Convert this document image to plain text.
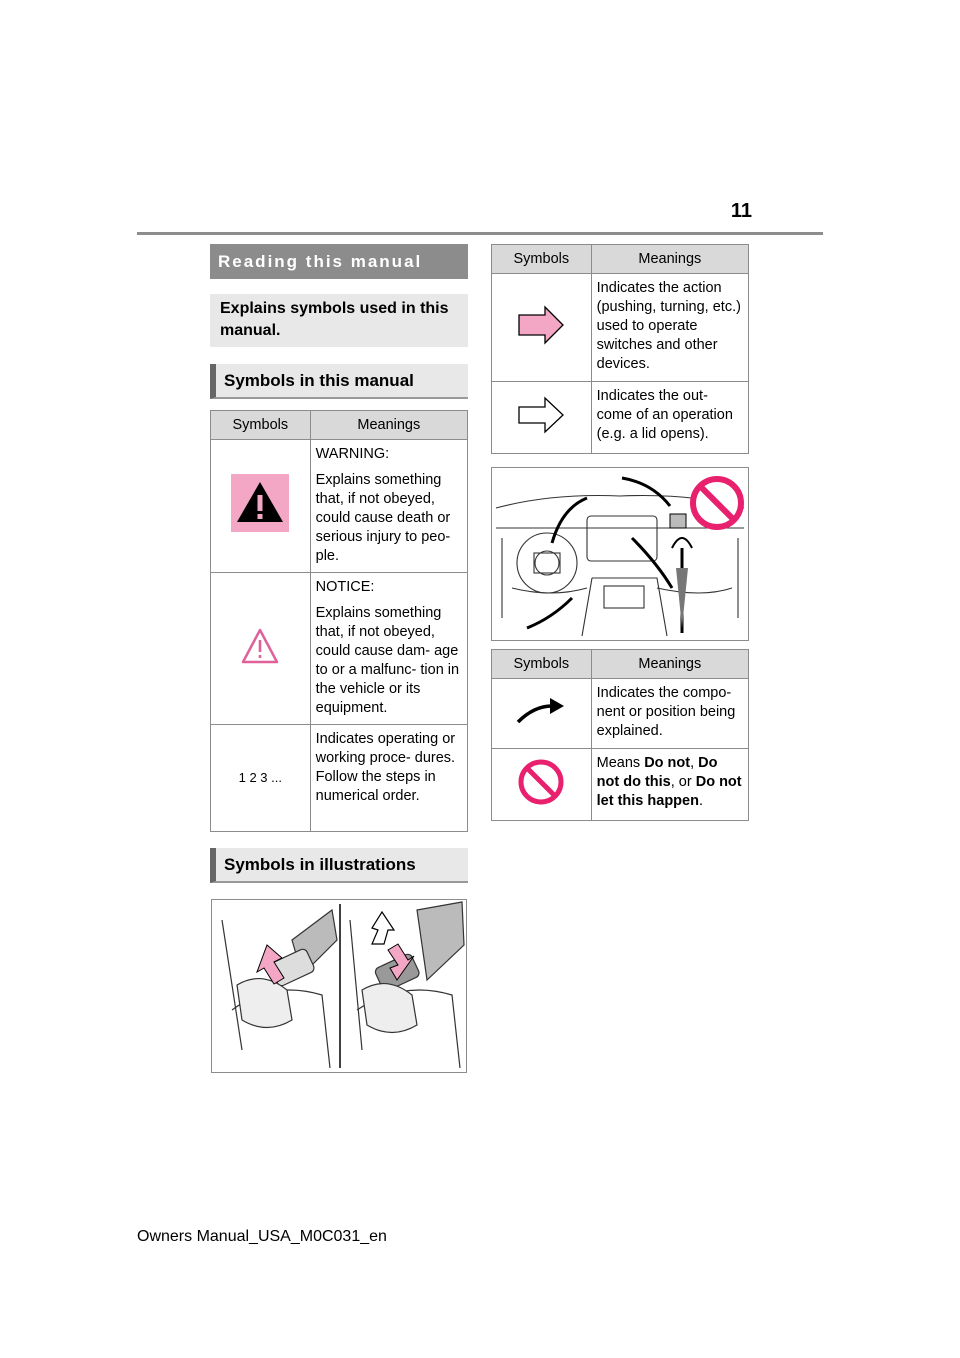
11
Reading this manual
Explains symbols used in this manual.
Symbols in this manual
Symbols	Meanings

WARNING:

Explains something that, if not obeyed, could cause death or serious injury to peo- ple.

NOTICE:

Explains something that, if not obeyed, could cause dam- age to or a malfunc- tion in the vehicle or its equipment.

1 2 3 ...	Indicates operating or working proce- dures. Follow the steps in numerical order.

Symbols in illustrations
Symbols	Meanings

Indicates the action (pushing, turning, etc.) used to operate switches and other devices.

Indicates the out- come of an operation (e.g. a lid opens).

Symbols	Meanings

Indicates the compo- nent or position being explained.

Means Do not, Do not do this, or Do not let this happen.

Owners Manual_USA_M0C031_en
